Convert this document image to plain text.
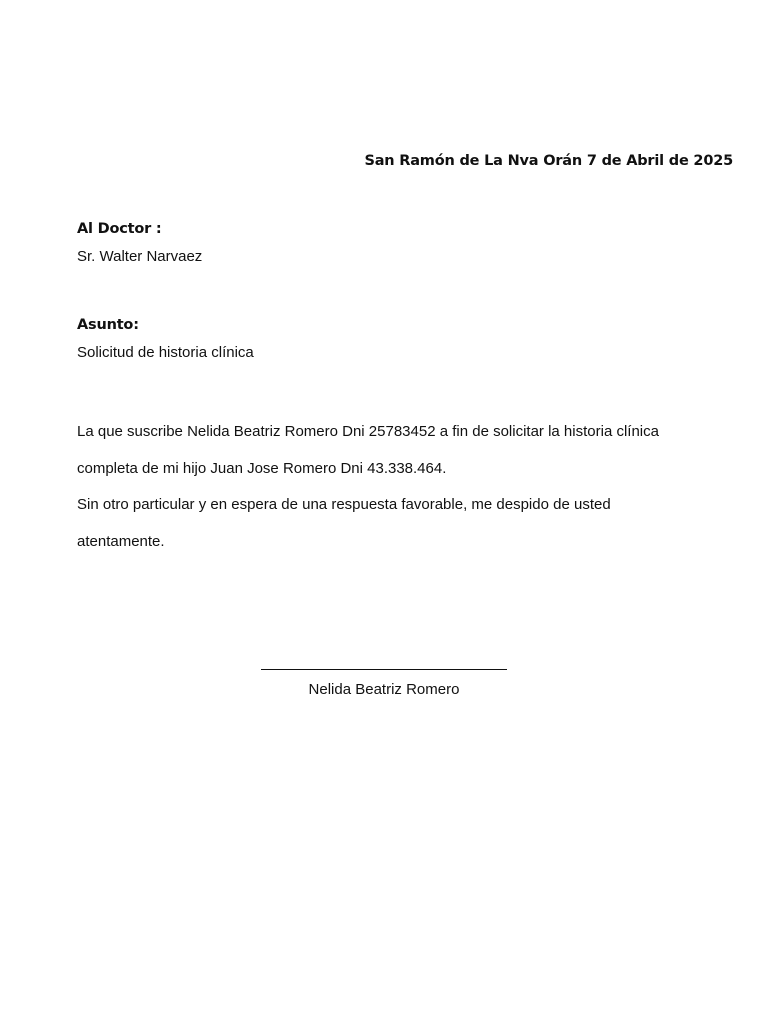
San Ramón de La Nva Orán 7 de Abril de 2025
Al Doctor :
Sr. Walter Narvaez
Asunto:
Solicitud de historia clínica
La que suscribe Nelida Beatriz Romero Dni 25783452 a fin de solicitar la historia clínica
completa de mi hijo Juan Jose Romero Dni 43.338.464.
Sin otro particular y en espera de una respuesta favorable, me despido de usted
atentamente.
Nelida Beatriz Romero
